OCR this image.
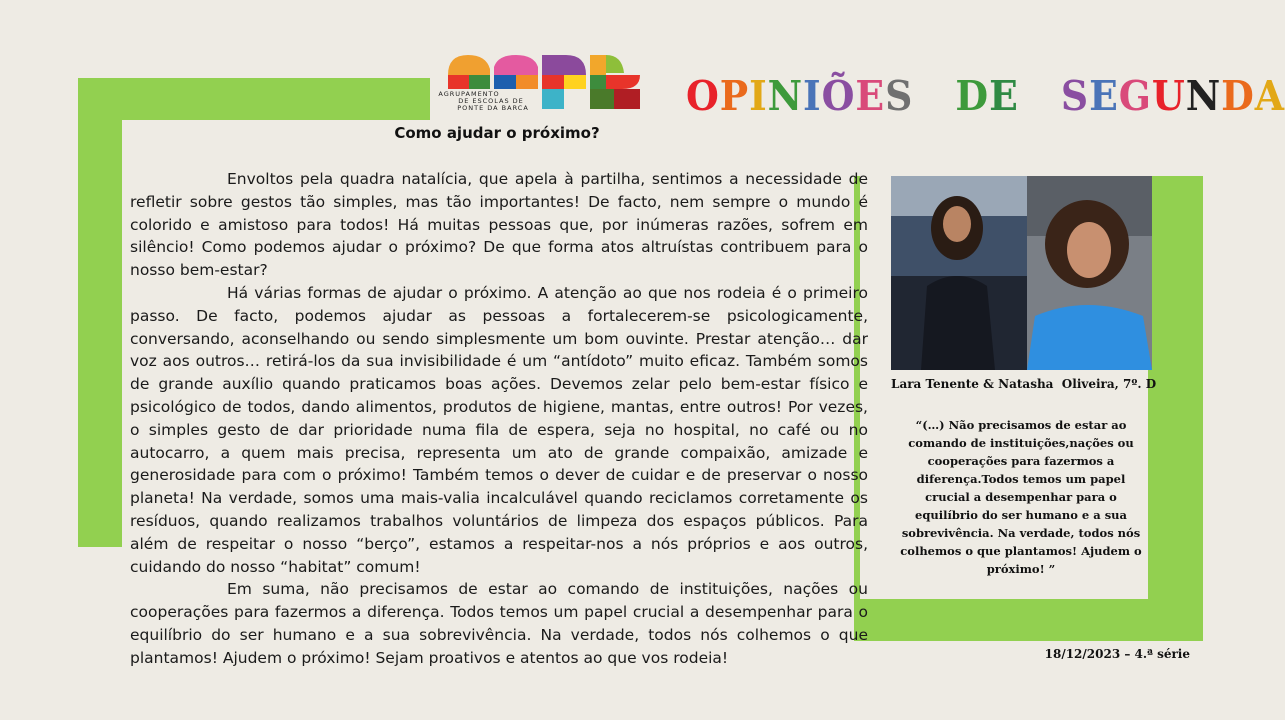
AGRUPAMENTO
DE ESCOLAS DE
PONTE DA BARCA	OPINIÕES DE SEGUNDA
Como ajudar o próximo?

Envoltos pela quadra natalícia, que apela à partilha, sentimos a necessidade de refletir sobre gestos tão simples, mas tão importantes! De facto, nem sempre o mundo é colorido e amistoso para todos! Há muitas pessoas que, por inúmeras razões, sofrem em silêncio! Como podemos ajudar o próximo? De que forma atos altruístas contribuem para o nosso bem-estar?

Há várias formas de ajudar o próximo. A atenção ao que nos rodeia é o primeiro passo. De facto, podemos ajudar as pessoas a fortalecerem-se psicologicamente, conversando, aconselhando ou sendo simplesmente um bom ouvinte. Prestar atenção… dar voz aos outros… retirá-los da sua invisibilidade é um “antídoto” muito eficaz. Também somos de grande auxílio quando praticamos boas ações. Devemos zelar pelo bem-estar físico e psicológico de todos, dando alimentos, produtos de higiene, mantas, entre outros! Por vezes, o simples gesto de dar prioridade numa fila de espera, seja no hospital, no café ou no autocarro, a quem mais precisa, representa um ato de grande compaixão, amizade e generosidade para com o próximo! Também temos o dever de cuidar e de preservar o nosso planeta! Na verdade, somos uma mais-valia incalculável quando reciclamos corretamente os resíduos, quando realizamos trabalhos voluntários de limpeza dos espaços públicos. Para além de respeitar o nosso “berço”, estamos a respeitar-nos a nós próprios e aos outros, cuidando do nosso “habitat” comum!

Em suma, não precisamos de estar ao comando de instituições, nações ou cooperações para fazermos a diferença. Todos temos um papel crucial a desempenhar para o equilíbrio do ser humano e a sua sobrevivência. Na verdade, todos nós colhemos o que plantamos! Ajudem o próximo! Sejam proativos e atentos ao que vos rodeia!

Lara Tenente & Natasha  Oliveira, 7º. D
“(…) Não precisamos de estar ao comando de instituições,nações ou cooperações para fazermos a diferença.Todos temos um papel crucial a desempenhar para o equilíbrio do ser humano e a sua sobrevivência. Na verdade, todos nós colhemos o que plantamos! Ajudem o próximo! ”
18/12/2023 – 4.ª série
